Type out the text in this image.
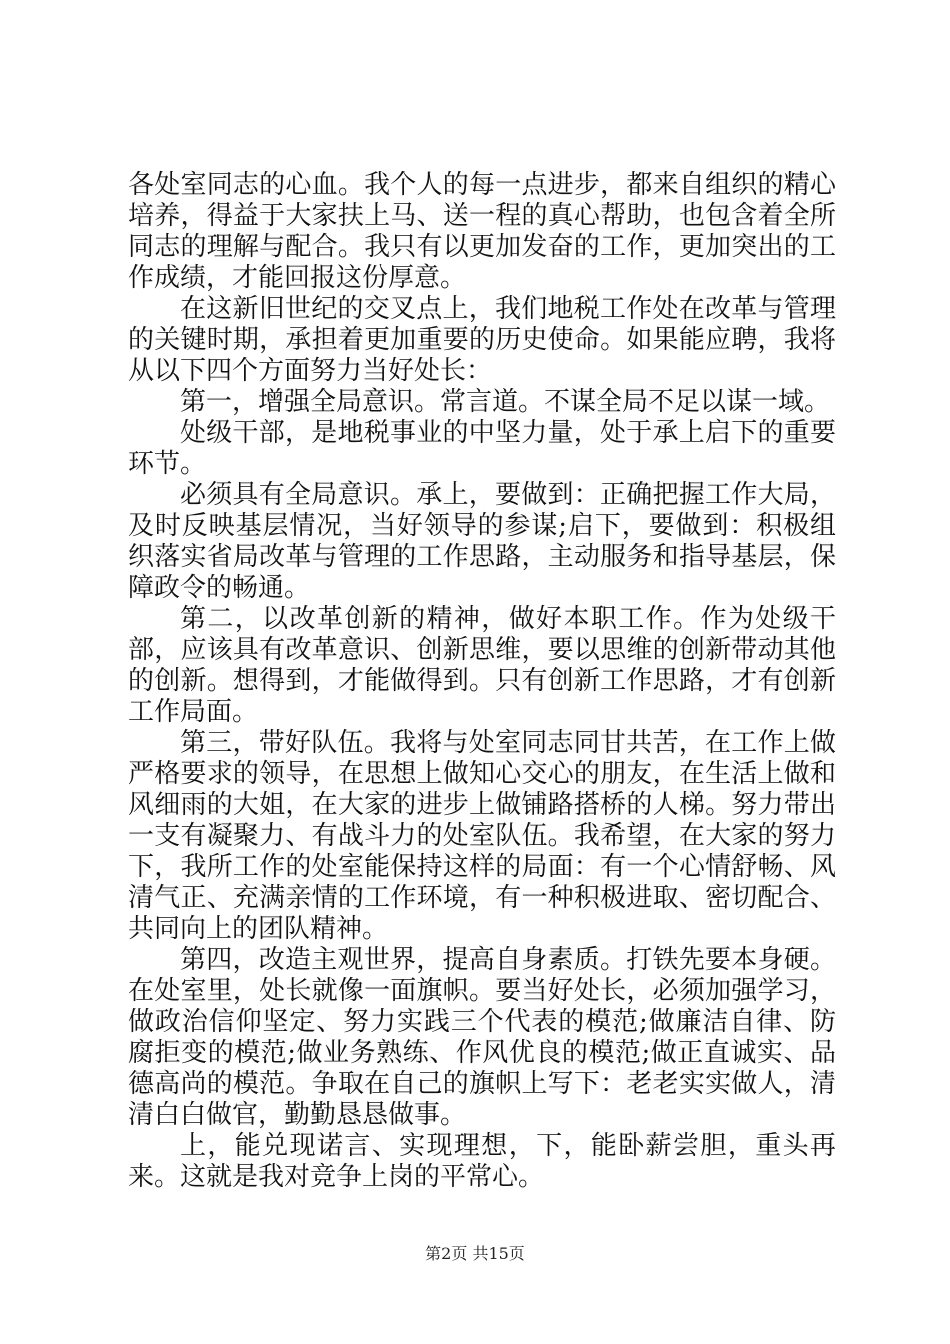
各处室同志的心血。我个人的每一点进步，都来自组织的精心培养，得益于大家扶上马、送一程的真心帮助，也包含着全所同志的理解与配合。我只有以更加发奋的工作，更加突出的工作成绩，才能回报这份厚意。

在这新旧世纪的交叉点上，我们地税工作处在改革与管理的关键时期，承担着更加重要的历史使命。如果能应聘，我将从以下四个方面努力当好处长：

第一，增强全局意识。常言道。不谋全局不足以谋一域。

处级干部，是地税事业的中坚力量，处于承上启下的重要环节。

必须具有全局意识。承上，要做到：正确把握工作大局，及时反映基层情况，当好领导的参谋;启下，要做到：积极组织落实省局改革与管理的工作思路，主动服务和指导基层，保障政令的畅通。

第二，以改革创新的精神，做好本职工作。作为处级干部，应该具有改革意识、创新思维，要以思维的创新带动其他的创新。想得到，才能做得到。只有创新工作思路，才有创新工作局面。

第三，带好队伍。我将与处室同志同甘共苦，在工作上做严格要求的领导，在思想上做知心交心的朋友，在生活上做和风细雨的大姐，在大家的进步上做铺路搭桥的人梯。努力带出一支有凝聚力、有战斗力的处室队伍。我希望，在大家的努力下，我所工作的处室能保持这样的局面：有一个心情舒畅、风清气正、充满亲情的工作环境，有一种积极进取、密切配合、共同向上的团队精神。

第四，改造主观世界，提高自身素质。打铁先要本身硬。在处室里，处长就像一面旗帜。要当好处长，必须加强学习，做政治信仰坚定、努力实践三个代表的模范;做廉洁自律、防腐拒变的模范;做业务熟练、作风优良的模范;做正直诚实、品德高尚的模范。争取在自己的旗帜上写下：老老实实做人，清清白白做官，勤勤恳恳做事。

上，能兑现诺言、实现理想，下，能卧薪尝胆，重头再来。这就是我对竞争上岗的平常心。

第2页 共15页
